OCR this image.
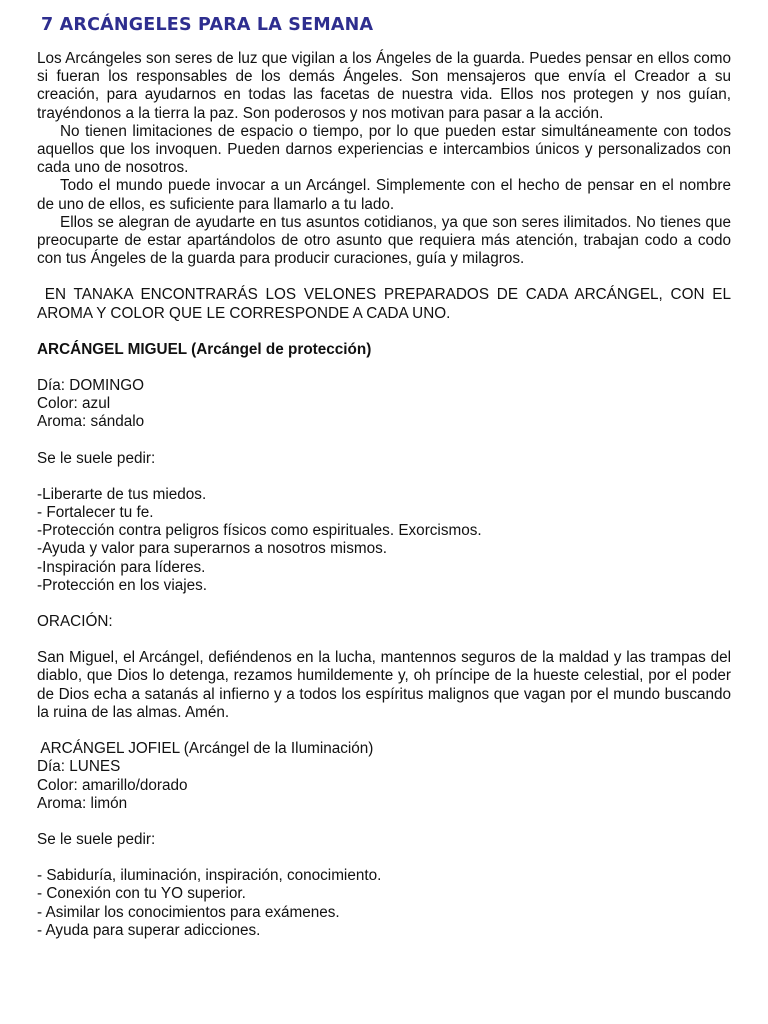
7 ARCÁNGELES PARA LA SEMANA

Los Arcángeles son seres de luz que vigilan a los Ángeles de la guarda. Puedes pensar en ellos como si fueran los responsables de los demás Ángeles. Son mensajeros que envía el Creador a su creación, para ayudarnos en todas las facetas de nuestra vida. Ellos nos protegen y nos guían, trayéndonos a la tierra la paz. Son poderosos y nos motivan para pasar a la acción.

No tienen limitaciones de espacio o tiempo, por lo que pueden estar simultáneamente con todos aquellos que los invoquen. Pueden darnos experiencias e intercambios únicos y personalizados con cada uno de nosotros.

Todo el mundo puede invocar a un Arcángel. Simplemente con el hecho de pensar en el nombre de uno de ellos, es suficiente para llamarlo a tu lado.

Ellos se alegran de ayudarte en tus asuntos cotidianos, ya que son seres ilimitados. No tienes que preocuparte de estar apartándolos de otro asunto que requiera más atención, trabajan codo a codo con tus Ángeles de la guarda para producir curaciones, guía y milagros.

EN TANAKA ENCONTRARÁS LOS VELONES PREPARADOS DE CADA ARCÁNGEL, CON EL AROMA Y COLOR QUE LE CORRESPONDE A CADA UNO.

ARCÁNGEL MIGUEL (Arcángel de protección)

Día: DOMINGO

Color: azul

Aroma: sándalo

Se le suele pedir:

-Liberarte de tus miedos.

- Fortalecer tu fe.

-Protección contra peligros físicos como espirituales. Exorcismos.

-Ayuda y valor para superarnos a nosotros mismos.

-Inspiración para líderes.

-Protección en los viajes.

ORACIÓN:

San Miguel, el Arcángel, defiéndenos en la lucha, mantennos seguros de la maldad y las trampas del diablo, que Dios lo detenga, rezamos humildemente y, oh príncipe de la hueste celestial, por el poder de Dios echa a satanás al infierno y a todos los espíritus malignos que vagan por el mundo buscando la ruina de las almas. Amén.

ARCÁNGEL JOFIEL (Arcángel de la Iluminación)

Día: LUNES

Color: amarillo/dorado

Aroma: limón

Se le suele pedir:

- Sabiduría, iluminación, inspiración, conocimiento.

- Conexión con tu YO superior.

- Asimilar los conocimientos para exámenes.

- Ayuda para superar adicciones.
